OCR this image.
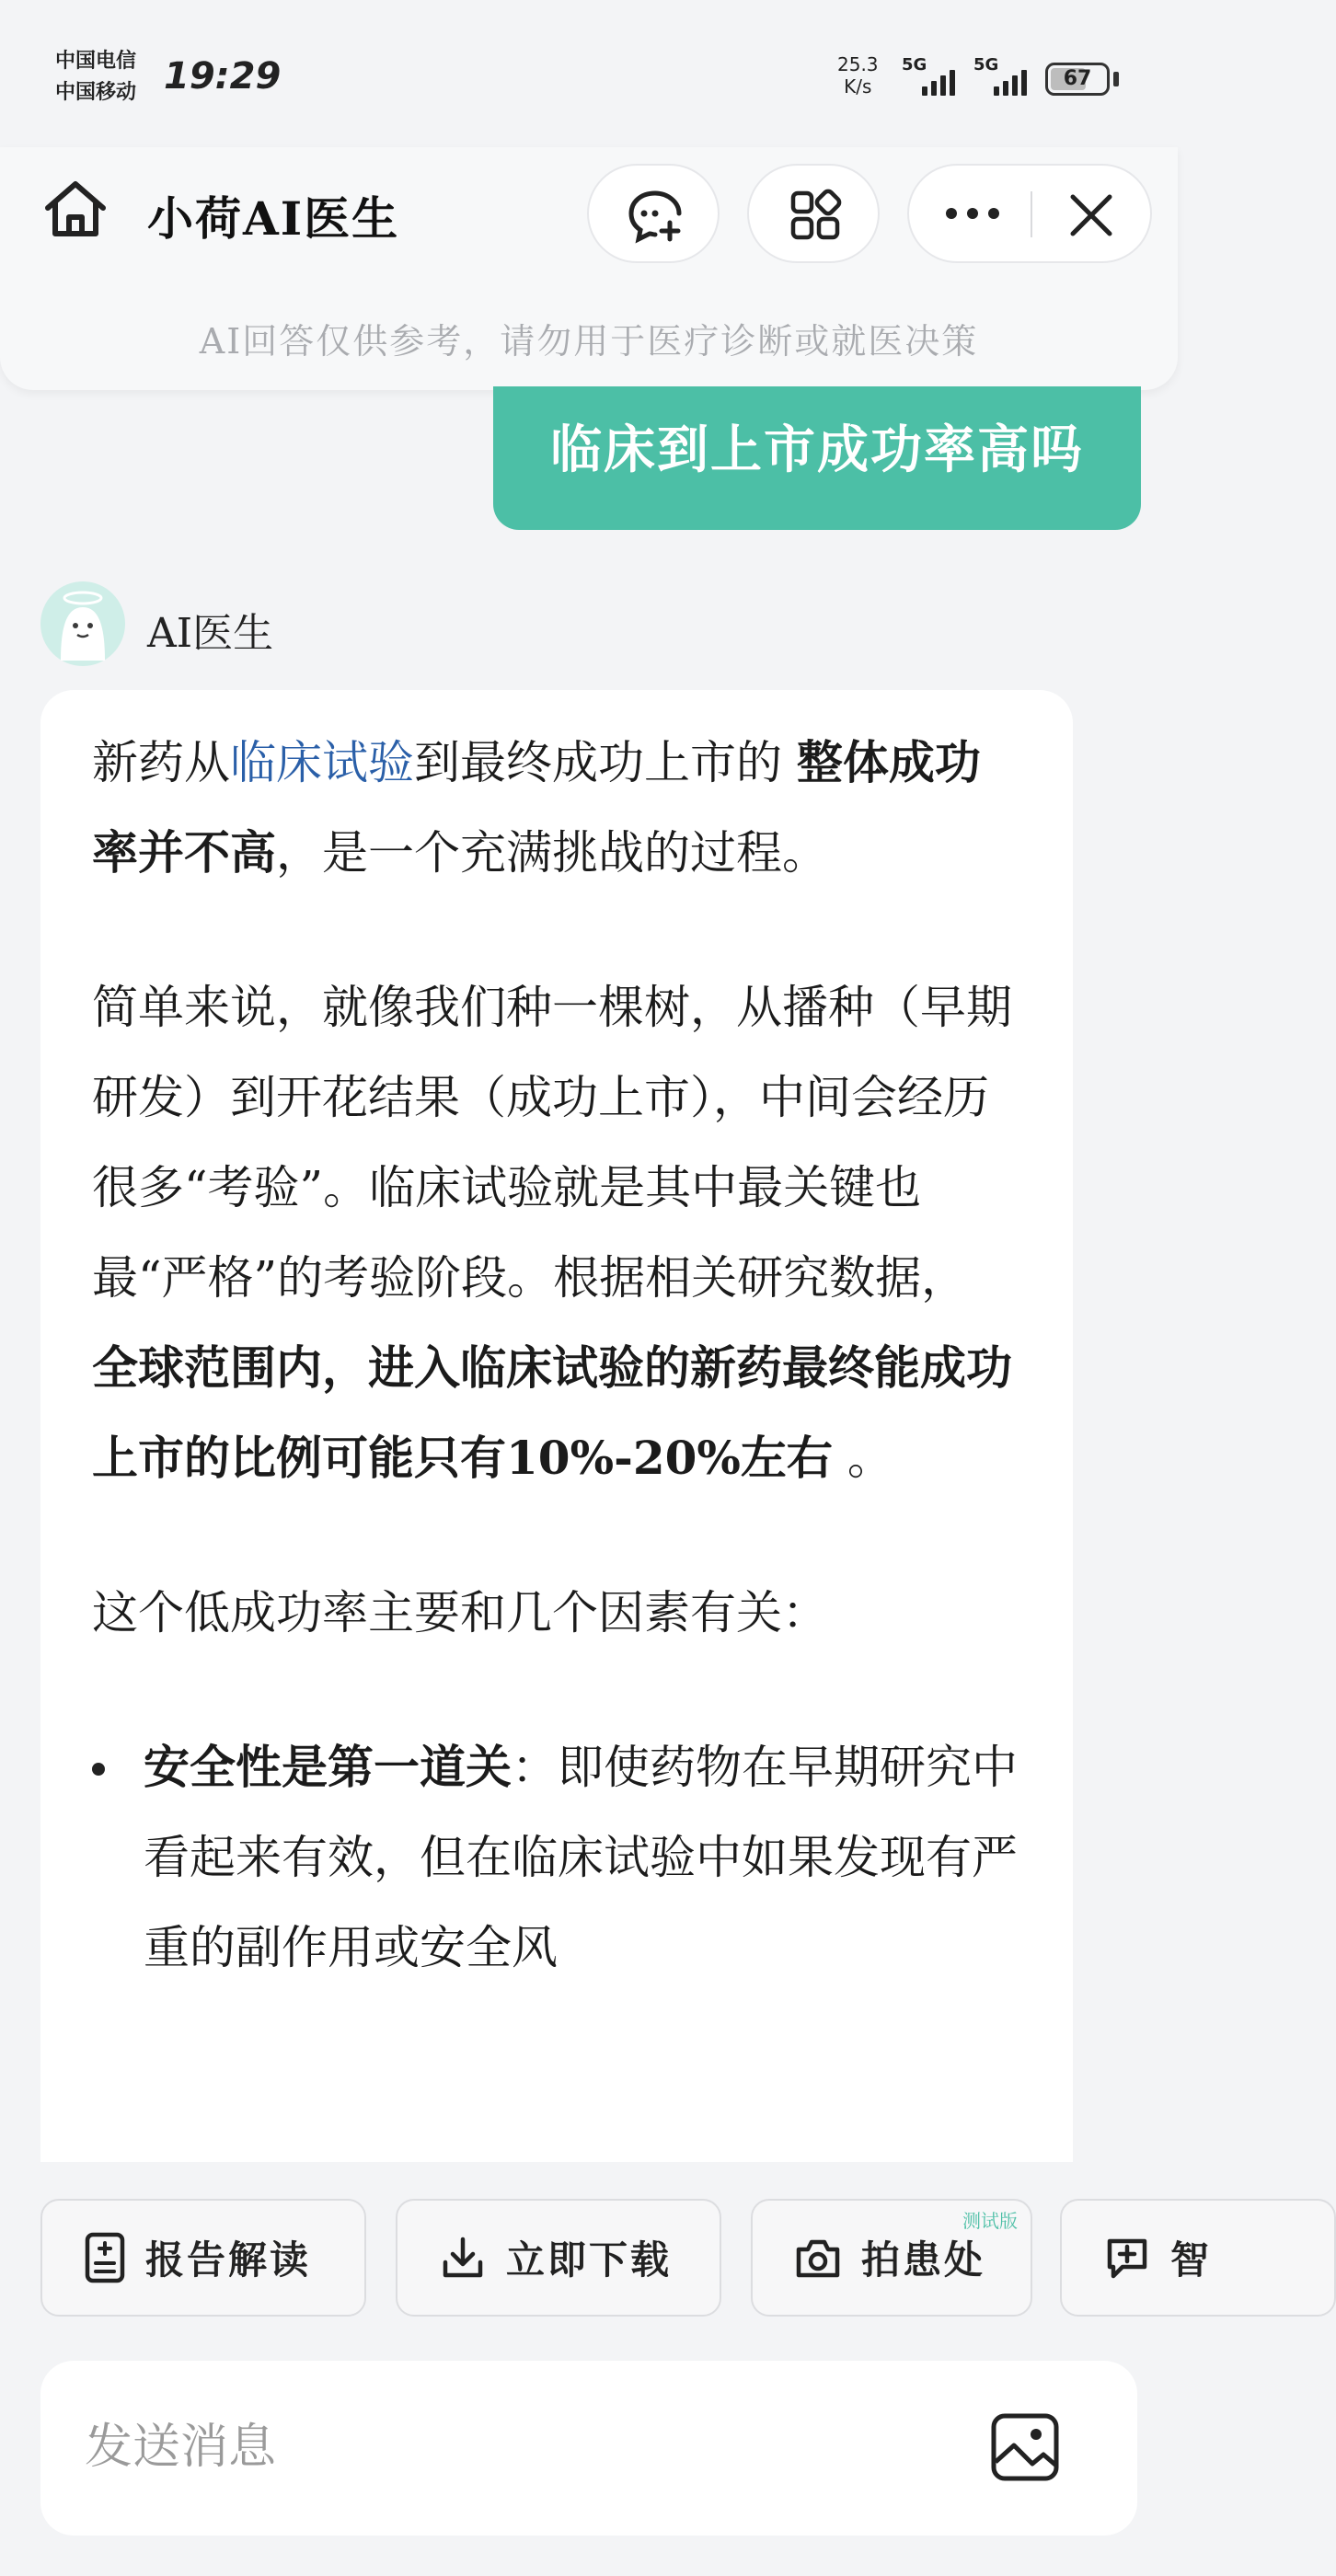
中国电信
中国移动 19:29	25.3
K/s
5G	5G
67
小荷AI医生
AI回答仅供参考，请勿用于医疗诊断或就医决策
临床到上市成功率高吗
AI医生

新药从临床试验到最终成功上市的 整体成功率并不高，是一个充满挑战的过程。

简单来说，就像我们种一棵树，从播种（早期研发）到开花结果（成功上市），中间会经历很多“考验”。临床试验就是其中最关键也最“严格”的考验阶段。根据相关研究数据， 全球范围内，进入临床试验的新药最终能成功上市的比例可能只有10%-20%左右 。

这个低成功率主要和几个因素有关：

安全性是第一道关：即使药物在早期研究中看起来有效，但在临床试验中如果发现有严重的副作用或安全风
报告解读	立即下载	拍患处
测试版
智
发送消息
